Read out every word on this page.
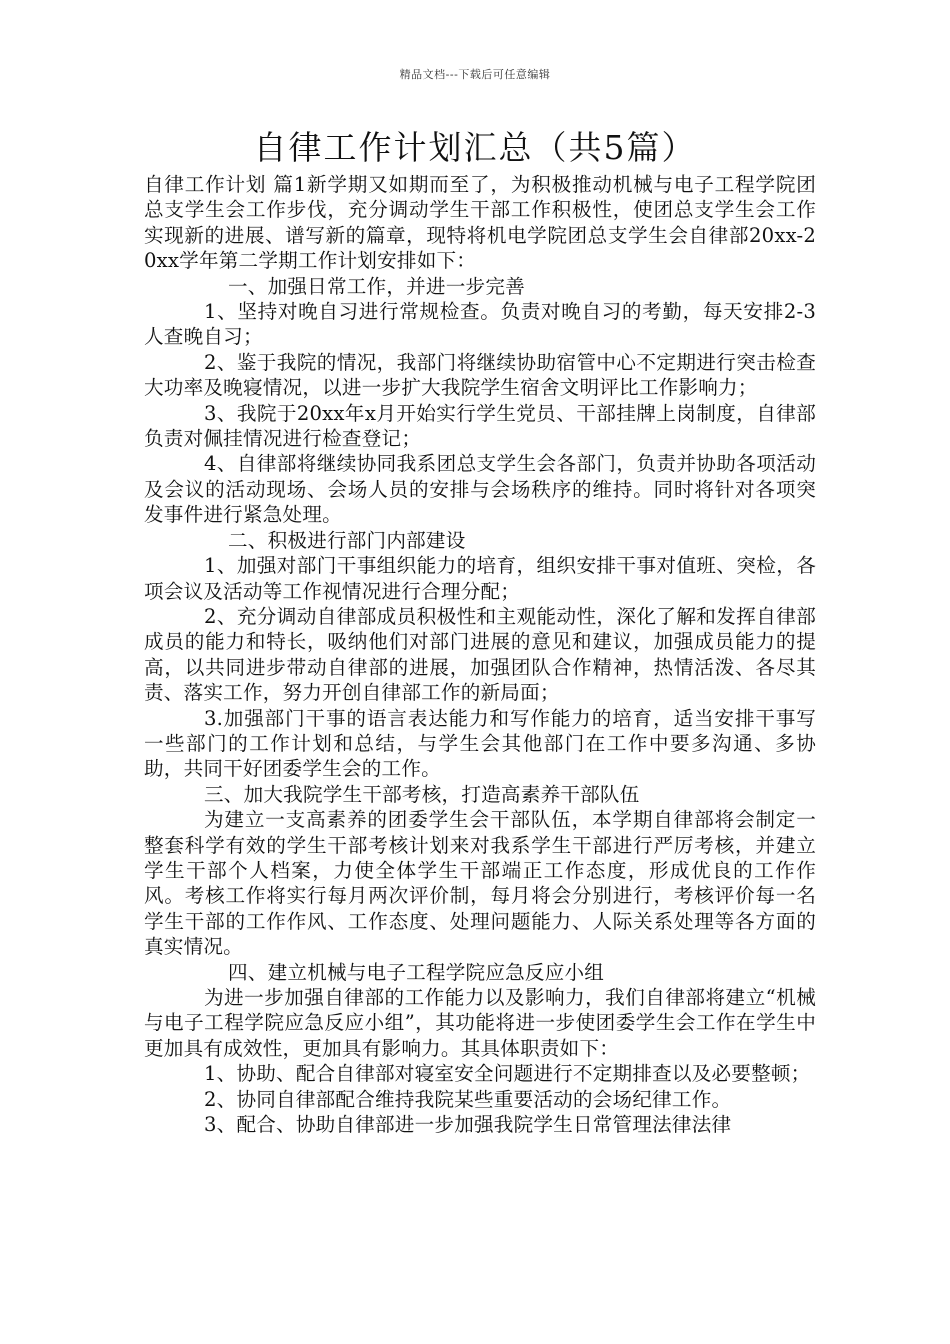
精品文档---下载后可任意编辑
自律工作计划汇总（共5篇）

自律工作计划 篇1新学期又如期而至了，为积极推动机械与电子工程学院团总支学生会工作步伐，充分调动学生干部工作积极性，使团总支学生会工作实现新的进展、谱写新的篇章，现特将机电学院团总支学生会自律部20xx-20xx学年第二学期工作计划安排如下：

一、加强日常工作，并进一步完善

1、坚持对晚自习进行常规检查。负责对晚自习的考勤，每天安排2-3人查晚自习；

2、鉴于我院的情况，我部门将继续协助宿管中心不定期进行突击检查大功率及晚寝情况，以进一步扩大我院学生宿舍文明评比工作影响力；

3、我院于20xx年x月开始实行学生党员、干部挂牌上岗制度，自律部负责对佩挂情况进行检查登记；

4、自律部将继续协同我系团总支学生会各部门，负责并协助各项活动及会议的活动现场、会场人员的安排与会场秩序的维持。同时将针对各项突发事件进行紧急处理。

二、积极进行部门内部建设

1、加强对部门干事组织能力的培育，组织安排干事对值班、突检，各项会议及活动等工作视情况进行合理分配；

2、充分调动自律部成员积极性和主观能动性，深化了解和发挥自律部成员的能力和特长，吸纳他们对部门进展的意见和建议，加强成员能力的提高，以共同进步带动自律部的进展，加强团队合作精神，热情活泼、各尽其责、落实工作，努力开创自律部工作的新局面；

3.加强部门干事的语言表达能力和写作能力的培育，适当安排干事写一些部门的工作计划和总结，与学生会其他部门在工作中要多沟通、多协助，共同干好团委学生会的工作。

三、加大我院学生干部考核，打造高素养干部队伍

为建立一支高素养的团委学生会干部队伍，本学期自律部将会制定一整套科学有效的学生干部考核计划来对我系学生干部进行严厉考核，并建立学生干部个人档案，力使全体学生干部端正工作态度，形成优良的工作作风。考核工作将实行每月两次评价制，每月将会分别进行，考核评价每一名学生干部的工作作风、工作态度、处理问题能力、人际关系处理等各方面的真实情况。

四、建立机械与电子工程学院应急反应小组

为进一步加强自律部的工作能力以及影响力，我们自律部将建立“机械与电子工程学院应急反应小组”，其功能将进一步使团委学生会工作在学生中更加具有成效性，更加具有影响力。其具体职责如下：

1、协助、配合自律部对寝室安全问题进行不定期排查以及必要整顿；

2、协同自律部配合维持我院某些重要活动的会场纪律工作。

3、配合、协助自律部进一步加强我院学生日常管理法律法律
